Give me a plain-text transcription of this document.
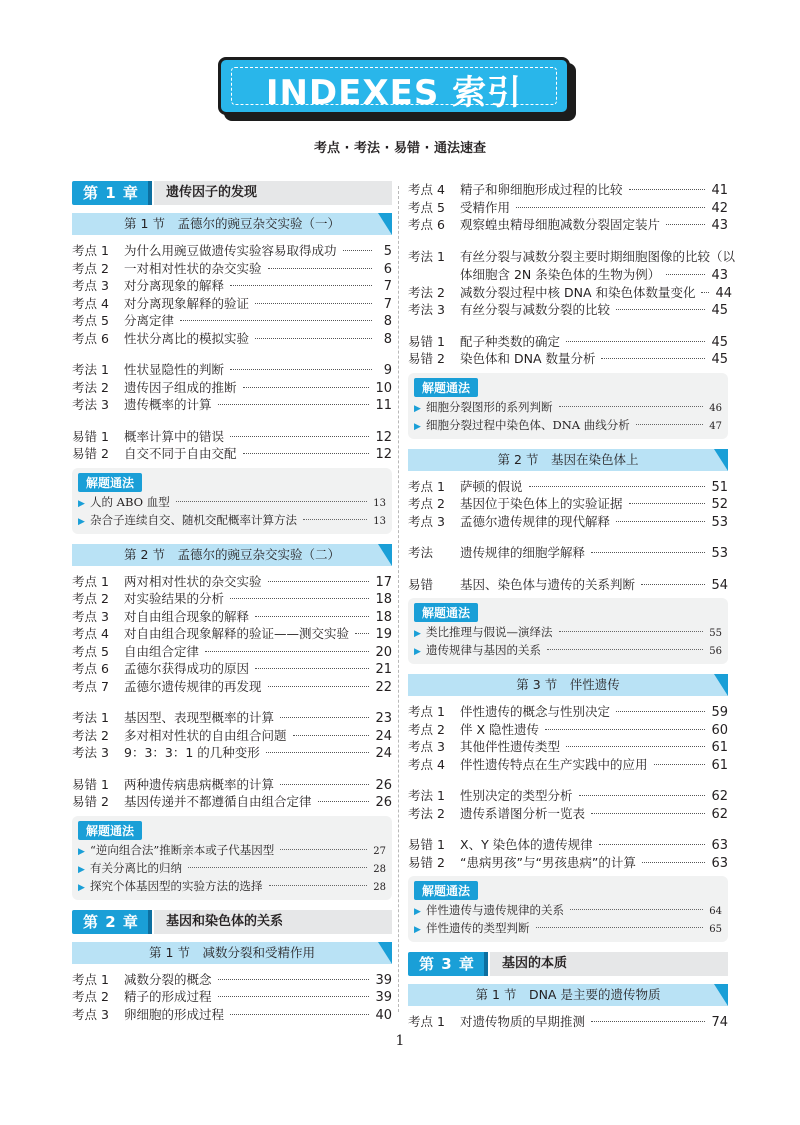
INDEXES 索引
考点 · 考法 · 易错 · 通法速查
第 1 章	遗传因子的发现
第 1 节　孟德尔的豌豆杂交实验（一）
考点 1	为什么用豌豆做遗传实验容易取得成功	5
考点 2	一对相对性状的杂交实验	6
考点 3	对分离现象的解释	7
考点 4	对分离现象解释的验证	7
考点 5	分离定律	8
考点 6	性状分离比的模拟实验	8
考法 1	性状显隐性的判断	9
考法 2	遗传因子组成的推断	10
考法 3	遗传概率的计算	11
易错 1	概率计算中的错误	12
易错 2	自交不同于自由交配	12
解题通法
▶ 人的 ABO 血型	13
▶ 杂合子连续自交、随机交配概率计算方法	13
第 2 节　孟德尔的豌豆杂交实验（二）
考点 1	两对相对性状的杂交实验	17
考点 2	对实验结果的分析	18
考点 3	对自由组合现象的解释	18
考点 4	对自由组合现象解释的验证——测交实验 19
考点 5	自由组合定律	20
考点 6	孟德尔获得成功的原因	21
考点 7	孟德尔遗传规律的再发现	22
考法 1	基因型、表现型概率的计算	23
考法 2	多对相对性状的自由组合问题	24
考法 3	9：3：3：1 的几种变形	24
易错 1	两种遗传病患病概率的计算	26
易错 2	基因传递并不都遵循自由组合定律	26
解题通法
▶ “逆向组合法”推断亲本或子代基因型	27
▶ 有关分离比的归纳	28
▶ 探究个体基因型的实验方法的选择	28
第 2 章	基因和染色体的关系
第 1 节　减数分裂和受精作用
考点 1	减数分裂的概念	39
考点 2	精子的形成过程	39
考点 3	卵细胞的形成过程	40
考点 4	精子和卵细胞形成过程的比较	41
考点 5	受精作用	42
考点 6	观察蝗虫精母细胞减数分裂固定装片	43
考法 1	有丝分裂与减数分裂主要时期细胞图像的比较（以
体细胞含 2N 条染色体的生物为例）	43
考法 2	减数分裂过程中核 DNA 和染色体数量变化 44
考法 3	有丝分裂与减数分裂的比较	45
易错 1	配子种类数的确定	45
易错 2	染色体和 DNA 数量分析	45
解题通法
▶ 细胞分裂图形的系列判断	46
▶ 细胞分裂过程中染色体、DNA 曲线分析	47
第 2 节　基因在染色体上
考点 1	萨顿的假说	51
考点 2	基因位于染色体上的实验证据	52
考点 3	孟德尔遗传规律的现代解释	53
考法	遗传规律的细胞学解释	53
易错	基因、染色体与遗传的关系判断	54
解题通法
▶ 类比推理与假说—演绎法	55
▶ 遗传规律与基因的关系	56
第 3 节　伴性遗传
考点 1	伴性遗传的概念与性别决定	59
考点 2	伴 X 隐性遗传	60
考点 3	其他伴性遗传类型	61
考点 4	伴性遗传特点在生产实践中的应用	61
考法 1	性别决定的类型分析	62
考法 2	遗传系谱图分析一览表	62
易错 1	X、Y 染色体的遗传规律	63
易错 2	“患病男孩”与“男孩患病”的计算	63
解题通法
▶ 伴性遗传与遗传规律的关系	64
▶ 伴性遗传的类型判断	65
第 3 章	基因的本质
第 1 节　DNA 是主要的遗传物质
考点 1	对遗传物质的早期推测	74
1
